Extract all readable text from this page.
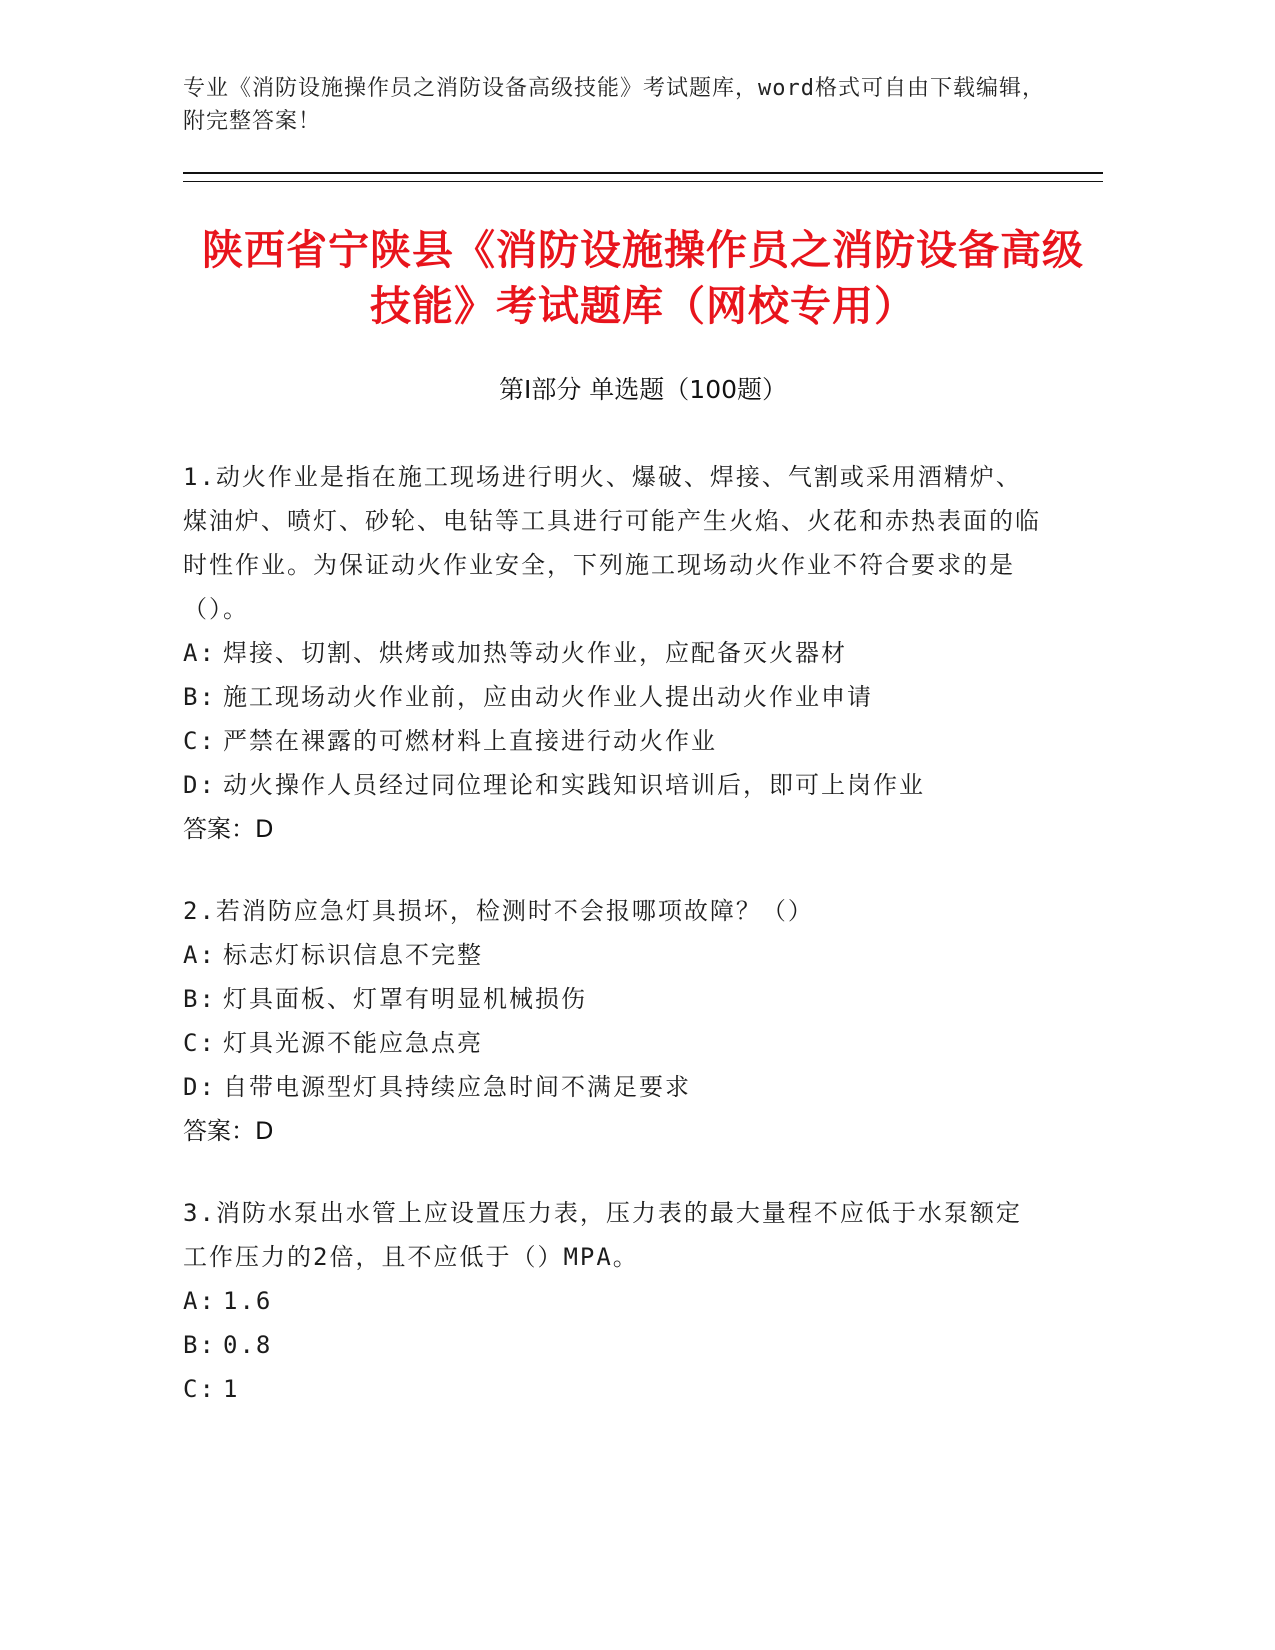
专业《消防设施操作员之消防设备高级技能》考试题库，word格式可自由下载编辑，附完整答案！
陕西省宁陕县《消防设施操作员之消防设备高级技能》考试题库（网校专用）
第Ⅰ部分 单选题（100题）
1.动火作业是指在施工现场进行明火、爆破、焊接、气割或采用酒精炉、煤油炉、喷灯、砂轮、电钻等工具进行可能产生火焰、火花和赤热表面的临时性作业。为保证动火作业安全，下列施工现场动火作业不符合要求的是（）。
A: 焊接、切割、烘烤或加热等动火作业，应配备灭火器材
B: 施工现场动火作业前，应由动火作业人提出动火作业申请
C: 严禁在裸露的可燃材料上直接进行动火作业
D: 动火操作人员经过同位理论和实践知识培训后，即可上岗作业
答案：D
2.若消防应急灯具损坏，检测时不会报哪项故障？（）
A: 标志灯标识信息不完整
B: 灯具面板、灯罩有明显机械损伤
C: 灯具光源不能应急点亮
D: 自带电源型灯具持续应急时间不满足要求
答案：D
3.消防水泵出水管上应设置压力表，压力表的最大量程不应低于水泵额定工作压力的2倍，且不应低于（）MPA。
A: 1.6
B: 0.8
C: 1
